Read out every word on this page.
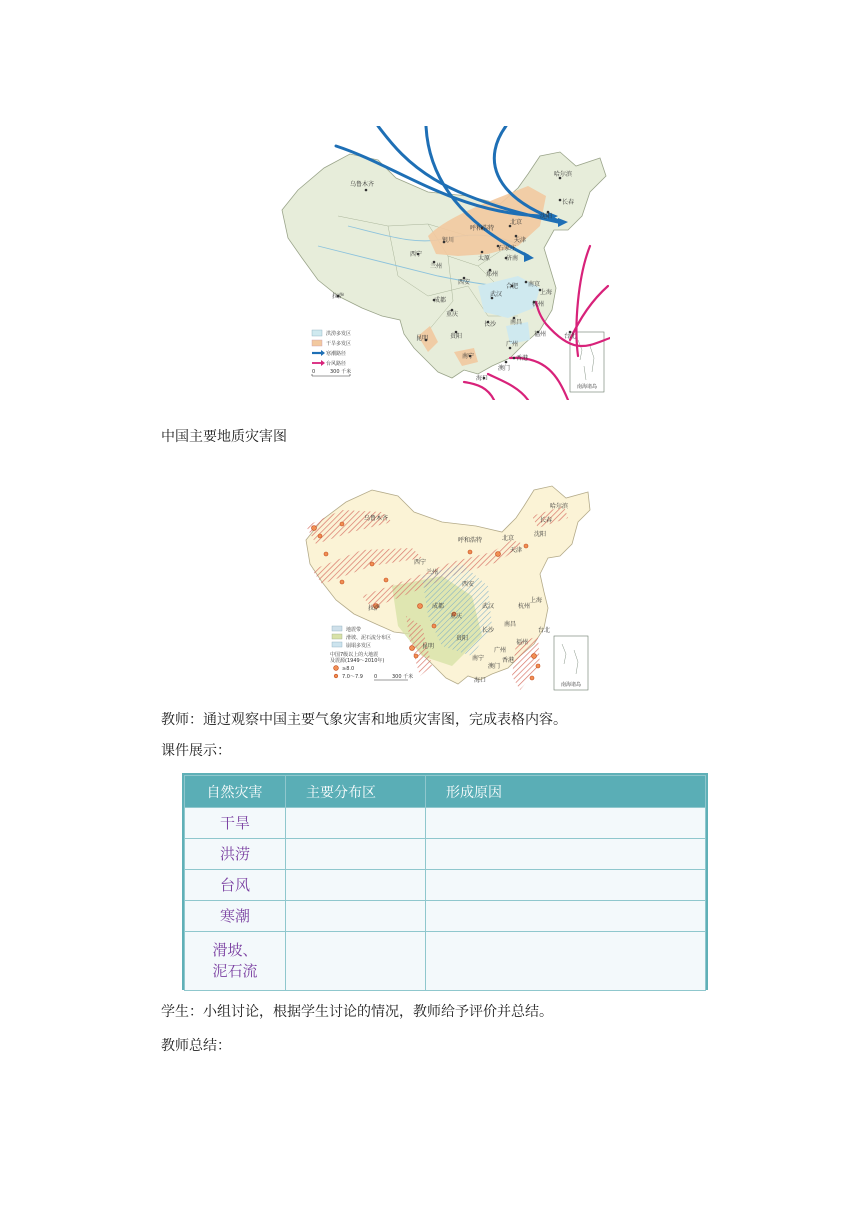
南海诸岛
乌鲁木齐
哈尔滨
长春
沈阳
北京
天津
呼和浩特
石家庄
银川
太原	济南
西宁
兰州
郑州
西安
合肥 南京
上海
杭州
武汉
成都
重庆
拉萨
长沙 南昌
福州	台北
贵阳
昆明
南宁
广州
香港
澳门
海口
洪涝多发区
干旱多发区
寒潮路径
台风路径
0	300 千米
中国主要地质灾害图
乌鲁木齐
哈尔滨
长春
沈阳
北京
天津
呼和浩特
西宁
兰州
西安
成都
重庆
拉萨	武汉
上海
杭州
长沙
南昌
福州
台北
贵阳
昆明
南宁
广州
香港
澳门
海口
南海诸岛
地震带
滑坡、泥石流分布区
崩塌多发区
中国7级以上的大地震
及震源(1949～2010年)
≥8.0
7.0～7.9 0	300 千米
教师：通过观察中国主要气象灾害和地质灾害图，完成表格内容。
课件展示：
自然灾害	主要分布区	形成原因
干旱		
洪涝		
台风		
寒潮		
滑坡、
泥石流		
学生：小组讨论，根据学生讨论的情况，教师给予评价并总结。
教师总结：
